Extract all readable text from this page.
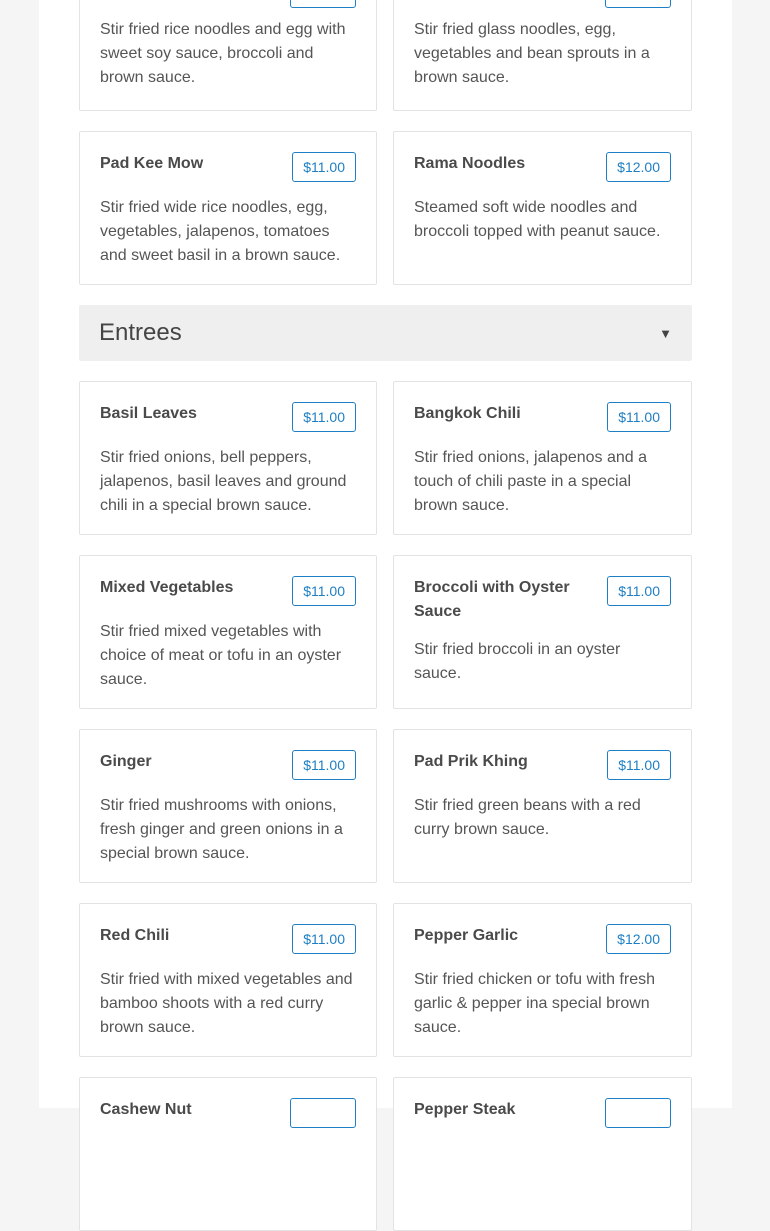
Stir fried rice noodles and egg with sweet soy sauce, broccoli and brown sauce.
Stir fried glass noodles, egg, vegetables and bean sprouts in a brown sauce.
Pad Kee Mow	$11.00
Stir fried wide rice noodles, egg, vegetables, jalapenos, tomatoes and sweet basil in a brown sauce.
Rama Noodles	$12.00
Steamed soft wide noodles and broccoli topped with peanut sauce.
Entrees	▼
Basil Leaves	$11.00
Stir fried onions, bell peppers, jalapenos, basil leaves and ground chili in a special brown sauce.
Bangkok Chili	$11.00
Stir fried onions, jalapenos and a touch of chili paste in a special brown sauce.
Mixed Vegetables	$11.00
Stir fried mixed vegetables with choice of meat or tofu in an oyster sauce.
Broccoli with Oyster Sauce
$11.00
Stir fried broccoli in an oyster sauce.
Ginger	$11.00
Stir fried mushrooms with onions, fresh ginger and green onions in a special brown sauce.
Pad Prik Khing	$11.00
Stir fried green beans with a red curry brown sauce.
Red Chili	$11.00
Stir fried with mixed vegetables and bamboo shoots with a red curry brown sauce.
Pepper Garlic	$12.00
Stir fried chicken or tofu with fresh garlic & pepper ina special brown sauce.
Cashew Nut	Pepper Steak
